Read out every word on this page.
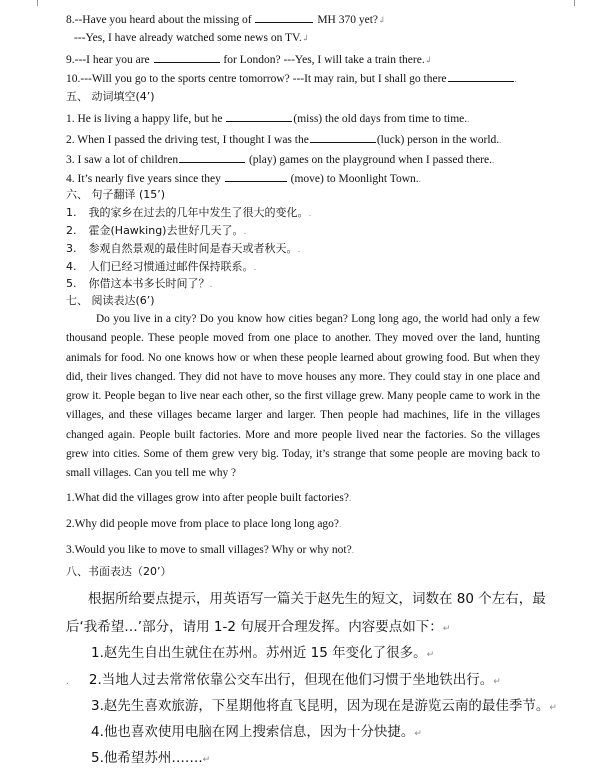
8.--Have you heard about the missing of	MH 370 yet?↲
---Yes, I have already watched some news on TV.↲
9.---I hear you are	for London? ---Yes, I will take a train there.↲
10.---Will you go to the sports centre tomorrow? ---It may rain, but I shall go there	.
五、 动词填空(4’)
1. He is living a happy life, but he	(miss) the old days from time to time..
2. When I passed the driving test, I thought I was the	(luck) person in the world..
3. I saw a lot of children	(play) games on the playground when I passed there..
4. It’s nearly five years since they	(move) to Moonlight Town..
六、 句子翻译 (15’)
1. 我的家乡在过去的几年中发生了很大的变化。.
2. 霍金(Hawking)去世好几天了。.
3. 参观自然景观的最佳时间是春天或者秋天。.
4. 人们已经习惯通过邮件保持联系。.
5. 你借这本书多长时间了？.
七、 阅读表达(6’)
Do you live in a city? Do you know how cities began? Long long ago, the world had only a few thousand people. These people moved from one place to another. They moved over the land, hunting animals for food. No one knows how or when these people learned about growing food. But when they did, their lives changed. They did not have to move houses any more. They could stay in one place and grow it. People began to live near each other, so the first village grew. Many people came to work in the villages, and these villages became larger and larger. Then people had machines, life in the villages changed again. People built factories. More and more people lived near the factories. So the villages grew into cities. Some of them grew very big. Today, it’s strange that some people are moving back to small villages. Can you tell me why ?
1.What did the villages grow into after people built factories?.
2.Why did people move from place to place long long ago?.
3.Would you like to move to small villages? Why or why not?.
八、书面表达（20’）
根据所给要点提示，用英语写一篇关于赵先生的短文，词数在 80 个左右，最
后‘我希望…’部分，请用 1-2 句展开合理发挥。内容要点如下：↵
1.赵先生自出生就住在苏州。苏州近 15 年变化了很多。↵
. 2.当地人过去常常依靠公交车出行，但现在他们习惯于坐地铁出行。↵
3.赵先生喜欢旅游，下星期他将直飞昆明，因为现在是游览云南的最佳季节。↵
4.他也喜欢使用电脑在网上搜索信息，因为十分快捷。↵
5.他希望苏州…….↵
